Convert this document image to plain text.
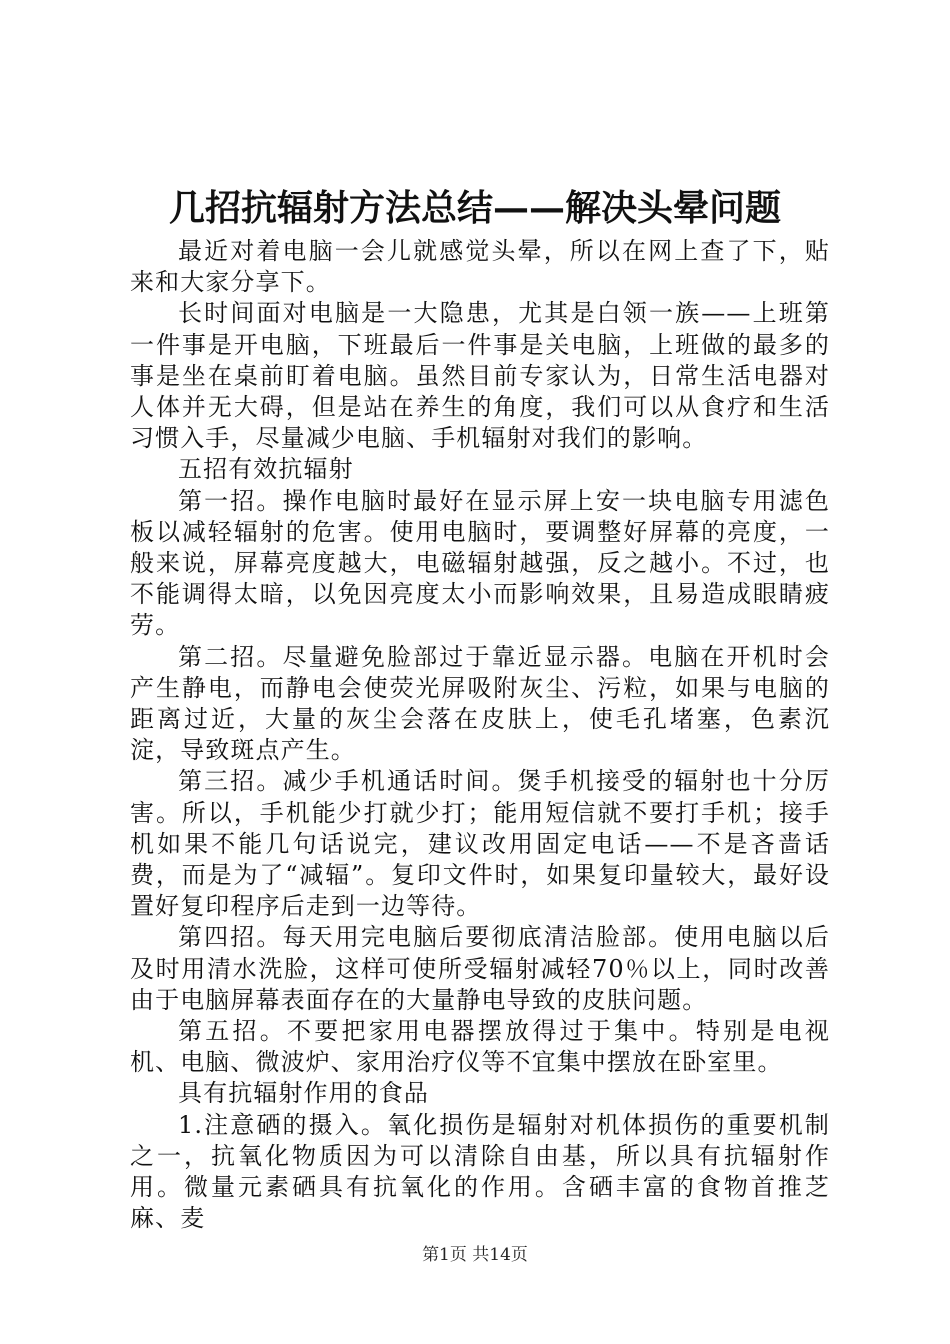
几招抗辐射方法总结——解决头晕问题

最近对着电脑一会儿就感觉头晕，所以在网上查了下，贴来和大家分享下。

长时间面对电脑是一大隐患，尤其是白领一族——上班第一件事是开电脑，下班最后一件事是关电脑，上班做的最多的事是坐在桌前盯着电脑。虽然目前专家认为，日常生活电器对人体并无大碍，但是站在养生的角度，我们可以从食疗和生活习惯入手，尽量减少电脑、手机辐射对我们的影响。

五招有效抗辐射

第一招。操作电脑时最好在显示屏上安一块电脑专用滤色板以减轻辐射的危害。使用电脑时，要调整好屏幕的亮度，一般来说，屏幕亮度越大，电磁辐射越强，反之越小。不过，也不能调得太暗，以免因亮度太小而影响效果，且易造成眼睛疲劳。

第二招。尽量避免脸部过于靠近显示器。电脑在开机时会产生静电，而静电会使荧光屏吸附灰尘、污粒，如果与电脑的距离过近，大量的灰尘会落在皮肤上，使毛孔堵塞，色素沉淀，导致斑点产生。

第三招。减少手机通话时间。煲手机接受的辐射也十分厉害。所以，手机能少打就少打；能用短信就不要打手机；接手机如果不能几句话说完，建议改用固定电话——不是吝啬话费，而是为了“减辐”。复印文件时，如果复印量较大，最好设置好复印程序后走到一边等待。

第四招。每天用完电脑后要彻底清洁脸部。使用电脑以后及时用清水洗脸，这样可使所受辐射减轻70％以上，同时改善由于电脑屏幕表面存在的大量静电导致的皮肤问题。

第五招。不要把家用电器摆放得过于集中。特别是电视机、电脑、微波炉、家用治疗仪等不宜集中摆放在卧室里。

具有抗辐射作用的食品

1.注意硒的摄入。氧化损伤是辐射对机体损伤的重要机制之一，抗氧化物质因为可以清除自由基，所以具有抗辐射作用。微量元素硒具有抗氧化的作用。含硒丰富的食物首推芝麻、麦

第1页 共14页
